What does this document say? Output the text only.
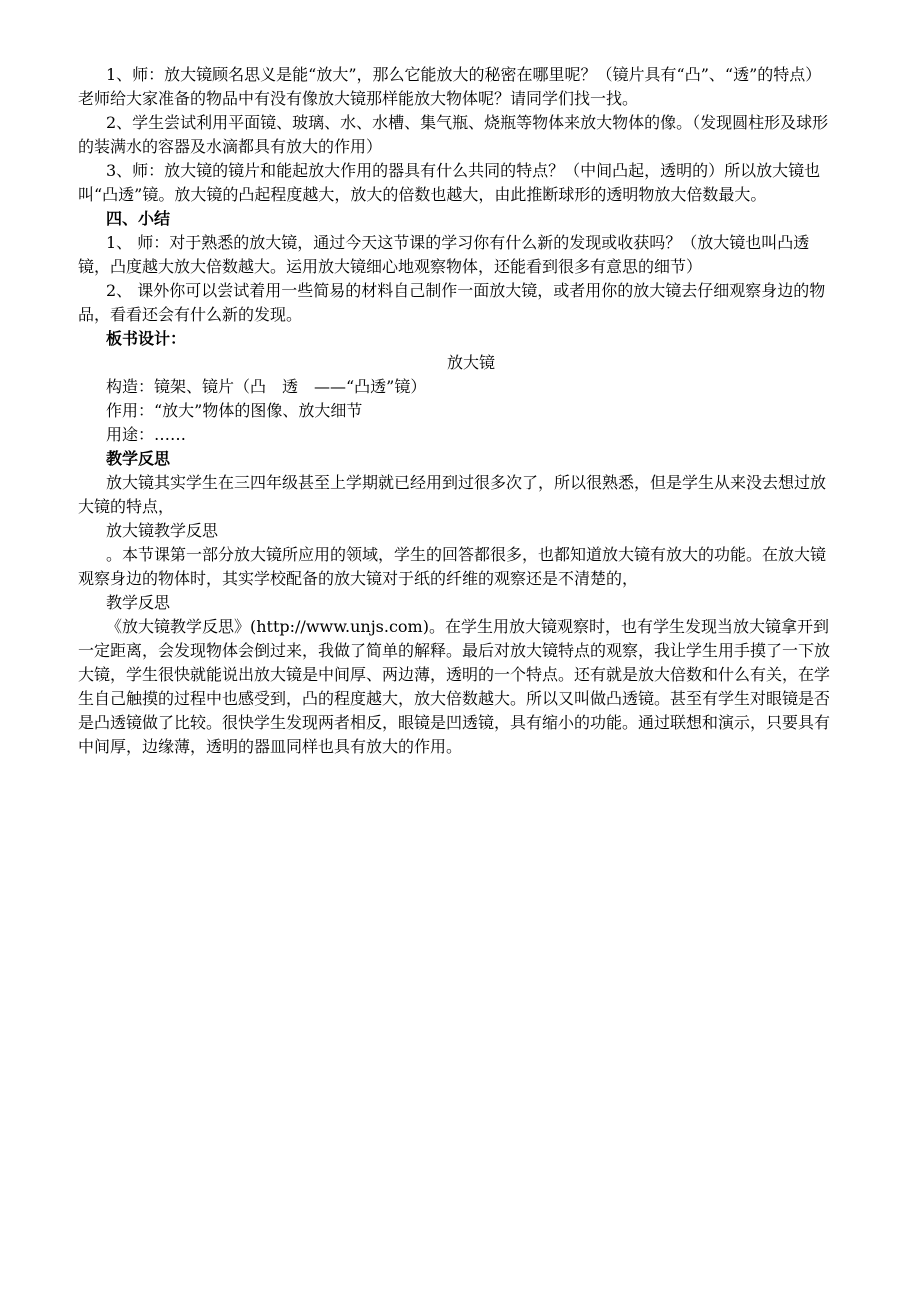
1、师：放大镜顾名思义是能“放大”，那么它能放大的秘密在哪里呢？（镜片具有“凸”、“透”的特点）老师给大家准备的物品中有没有像放大镜那样能放大物体呢？请同学们找一找。

2、学生尝试利用平面镜、玻璃、水、水槽、集气瓶、烧瓶等物体来放大物体的像。（发现圆柱形及球形的装满水的容器及水滴都具有放大的作用）

3、师：放大镜的镜片和能起放大作用的器具有什么共同的特点？（中间凸起，透明的）所以放大镜也叫“凸透”镜。放大镜的凸起程度越大，放大的倍数也越大，由此推断球形的透明物放大倍数最大。

四、小结

1、 师：对于熟悉的放大镜，通过今天这节课的学习你有什么新的发现或收获吗？（放大镜也叫凸透镜，凸度越大放大倍数越大。运用放大镜细心地观察物体，还能看到很多有意思的细节）

2、 课外你可以尝试着用一些简易的材料自己制作一面放大镜，或者用你的放大镜去仔细观察身边的物品，看看还会有什么新的发现。

板书设计：

放大镜

构造：镜架、镜片（凸　透　——“凸透”镜）

作用：“放大”物体的图像、放大细节

用途：……

教学反思

放大镜其实学生在三四年级甚至上学期就已经用到过很多次了，所以很熟悉，但是学生从来没去想过放大镜的特点，

放大镜教学反思

。本节课第一部分放大镜所应用的领域，学生的回答都很多，也都知道放大镜有放大的功能。在放大镜观察身边的物体时，其实学校配备的放大镜对于纸的纤维的观察还是不清楚的，

教学反思

《放大镜教学反思》(http://www.unjs.com)。在学生用放大镜观察时，也有学生发现当放大镜拿开到一定距离，会发现物体会倒过来，我做了简单的解释。最后对放大镜特点的观察，我让学生用手摸了一下放大镜，学生很快就能说出放大镜是中间厚、两边薄，透明的一个特点。还有就是放大倍数和什么有关，在学生自己触摸的过程中也感受到，凸的程度越大，放大倍数越大。所以又叫做凸透镜。甚至有学生对眼镜是否是凸透镜做了比较。很快学生发现两者相反，眼镜是凹透镜，具有缩小的功能。通过联想和演示，只要具有中间厚，边缘薄，透明的器皿同样也具有放大的作用。
